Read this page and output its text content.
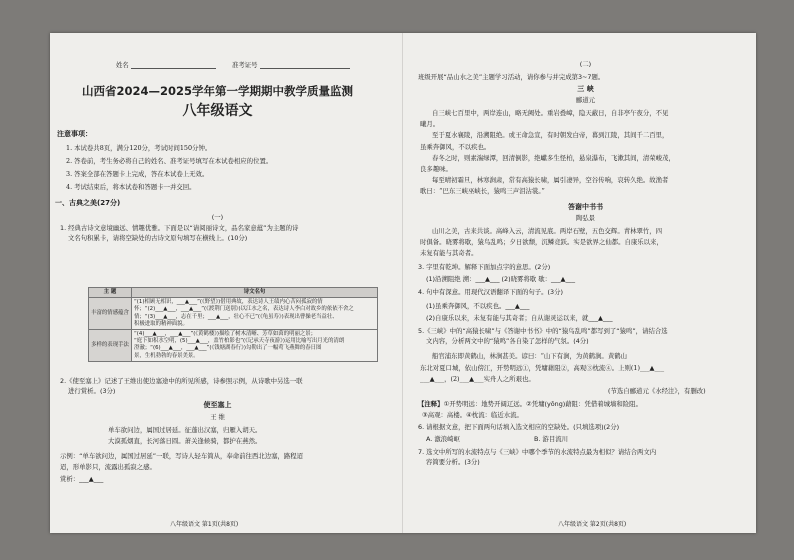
姓名	准考证号
山西省2024—2025学年第一学期期中教学质量监测
八年级语文
注意事项：
1. 本试卷共8页，满分120分，考试时间150分钟。
2. 答卷前，考生务必将自己的姓名、准考证号填写在本试卷相应的位置。
3. 答案全部在答题卡上完成，答在本试卷上无效。
4. 考试结束后，将本试卷和答题卡一并交回。
一、古典之美(27分)
(一)
1. 经典古诗文意境幽远、情趣优雅。下面是以“请阅丽诗文，品名家意蕴”为主题的诗
文名句积累卡，请将空缺处的古诗文原句填写在横线上。(10分)
主 题	诗文名句
丰富的情感蕴含	“(1)相顾无相识，___▲___”(《野望》)借用典故，表达诗人王绩内心苦闷孤寂的情
怀；“(2)___▲___，___▲___”(《渡荆门送别》)以江水之名，表达诗人李白对故乡的依依不舍之
情；“(3)___▲___，志在千里；___▲___，壮心不已”(《龟虽寿》)表现出曹操老当益壮、
积极进取的精神面貌。

多样的表现手法	“(4)___▲___，___▲___”(《黄鹤楼》)描绘了树木清晰、芳草如茵的明丽之景；
“庭下如积水空明，(5)___▲___，盖竹柏影也”(《记承天寺夜游》)运用比喻写出月光的清朗
澄澈；“(6)___▲___，___▲___”(《钱塘湖春行》)勾勒出了一幅莺飞燕舞的春日图
景，生机勃勃的春景美景。
2.《使至塞上》记述了王维出使边塞途中的所见所感，诗参照示例，从诗歌中另选一联
进行赏析。(3分)
使至塞上
王 维
单车欲问边，属国过居延。征蓬出汉塞，归雁入胡天。
大漠孤烟直，长河落日圆。萧关逢候骑，都护在燕然。
示例：“单车欲问边，属国过居延”一联，写诗人轻车简从，奉命前往西北边塞，路程迢
迢，形单影只，流露出孤寂之感。
赏析：___▲___
八年级语文 第1页(共8页)
(二)
班级开展“品山水之美”主题学习活动，请你参与并完成第3~7题。
三 峡
郦道元
自三峡七百里中，两岸连山，略无阙处。重岩叠嶂，隐天蔽日，自非亭午夜分，不见
曦月。
至于夏水襄陵，沿溯阻绝。或王命急宣，有时朝发白帝，暮到江陵，其间千二百里，
虽乘奔御风，不以疾也。
春冬之时，则素湍绿潭，回清倒影，绝巘多生怪柏，悬泉瀑布，飞漱其间，清荣峻茂，
良多趣味。
每至晴初霜旦，林寒涧肃，常有高猿长啸，属引凄异，空谷传响，哀转久绝。故渔者
歌曰：“巴东三峡巫峡长，猿鸣三声泪沾裳。”
答谢中书书
陶弘景
山川之美，古来共谈。高峰入云，清流见底。两岸石壁，五色交辉。青林翠竹，四
时俱备。晓雾将歇，猿鸟乱鸣；夕日欲颓，沉鳞竞跃。实是欲界之仙都。自康乐以来，
未复有能与其奇者。
3. 字里有乾坤。解释下面加点字的意思。(2分)
(1)沿溯阻绝 溯：___▲___ (2)晓雾将歇 歇：___▲___
4. 句中有深意。用现代汉语翻译下面的句子。(3分)
(1)虽乘奔御风，不以疾也。___▲___
(2)自康乐以来，未复有能与其奇者；自从谢灵运以来，就___▲___
5.《三峡》中的“高猿长啸”与《答谢中书书》中的“猿鸟乱鸣”都写到了“猿鸣”，请结合选
文内容，分析两文中的“猿鸣”各自染了怎样的气氛。(4分)
船官浦东即黄鹤山，林涧甚美。谚曰：“山下有涧，为黄鹤涧。黄鹤山
东北对夏口城，依山傍江，开势明远①，凭墉藉阻②，高观③枕流④。上则(1)___▲___
___▲___，(2)___▲___实舟人之所艰也。
(节选自郦道元《水经注》，有删改)
【注释】①开势明远：地势开阔辽远。②凭墉(yōng)藉阻：凭借着城墙和险阻。
③高观：高楼。④枕流：临近水流。
6. 请根据文意，把下面两句话填入选文相应的空缺处。(只填选项)(2分)
A. 激浪崎岖	B. 游目流川
7. 选文中所写的水流特点与《三峡》中哪个季节的水流特点最为相似？请结合两文内
容简要分析。(3分)
八年级语文 第2页(共8页)
